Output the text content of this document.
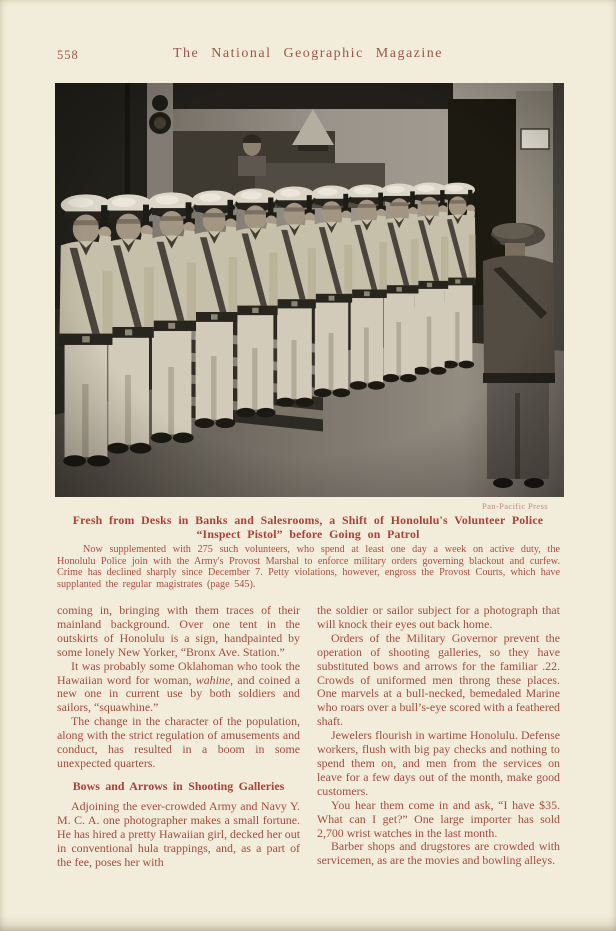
558	The National Geographic Magazine
Pan-Pacific Press
Fresh from Desks in Banks and Salesrooms, a Shift of Honolulu's Volunteer Police
“Inspect Pistol” before Going on Patrol
Now supplemented with 275 such volunteers, who spend at least one day a week on active duty, the Honolulu Police join with the Army's Provost Marshal to enforce military orders governing blackout and curfew. Crime has declined sharply since December 7. Petty violations, however, engross the Provost Courts, which have supplanted the regular magistrates (page 545).

coming in, bringing with them traces of their mainland background. Over one tent in the outskirts of Honolulu is a sign, handpainted by some lonely New Yorker, “Bronx Ave. Station.”

It was probably some Oklahoman who took the Hawaiian word for woman, wahine, and coined a new one in current use by both soldiers and sailors, “squawhine.”

The change in the character of the population, along with the strict regulation of amusements and conduct, has resulted in a boom in some unexpected quarters.

Bows and Arrows in Shooting Galleries

Adjoining the ever-crowded Army and Navy Y. M. C. A. one photographer makes a small fortune. He has hired a pretty Hawaiian girl, decked her out in conventional hula trappings, and, as a part of the fee, poses her with

the soldier or sailor subject for a photograph that will knock their eyes out back home.

Orders of the Military Governor prevent the operation of shooting galleries, so they have substituted bows and arrows for the familiar .22. Crowds of uniformed men throng these places. One marvels at a bull-necked, bemedaled Marine who roars over a bull’s-eye scored with a feathered shaft.

Jewelers flourish in wartime Honolulu. Defense workers, flush with big pay checks and nothing to spend them on, and men from the services on leave for a few days out of the month, make good customers.

You hear them come in and ask, “I have $35. What can I get?” One large importer has sold 2,700 wrist watches in the last month.

Barber shops and drugstores are crowded with servicemen, as are the movies and bowling alleys.
